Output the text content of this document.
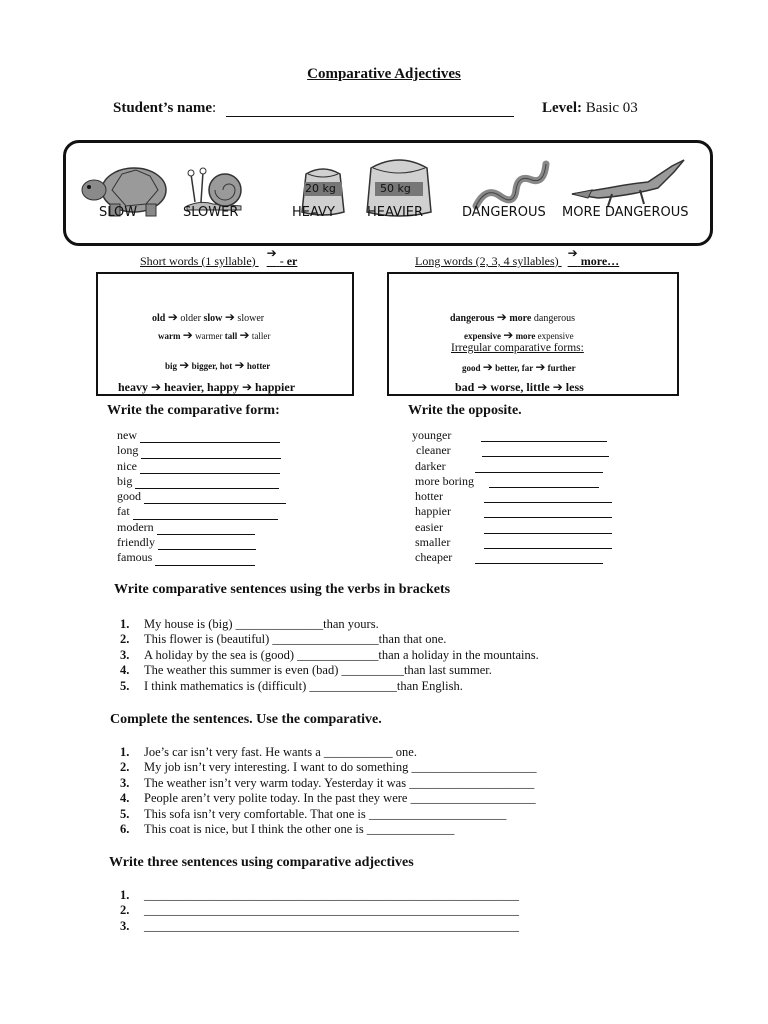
Comparative Adjectives
Student’s name:	Level: Basic 03
20 kg	50 kg
SLOW	SLOWER	HEAVY HEAVIER	DANGEROUS MORE DANGEROUS
Short words (1 syllable) ➔ - er	Long words (2, 3, 4 syllables) ➔ more…
old ➔ older slow ➔ slower
warm ➔ warmer tall ➔ taller
big ➔ bigger, hot ➔ hotter
heavy ➔ heavier, happy ➔ happier
dangerous ➔ more dangerous
expensive ➔ more expensive
Irregular comparative forms:
good ➔ better, far ➔ further
bad ➔ worse, little ➔ less
Write the comparative form:	Write the opposite.
new
long
nice
big
good
fat
modern
friendly
famous
younger
cleaner
darker
more boring
hotter
happier
easier
smaller
cheaper
Write comparative sentences using the verbs in brackets
1. My house is (big) ______________than yours.
2. This flower is (beautiful) _________________than that one.
3. A holiday by the sea is (good) _____________than a holiday in the mountains.
4. The weather this summer is even (bad) __________than last summer.
5. I think mathematics is (difficult) ______________than English.
Complete the sentences. Use the comparative.
1. Joe’s car isn’t very fast. He wants a ___________ one.
2. My job isn’t very interesting. I want to do something ____________________
3. The weather isn’t very warm today. Yesterday it was ____________________
4. People aren’t very polite today. In the past they were ____________________
5. This sofa isn’t very comfortable. That one is ______________________
6. This coat is nice, but I think the other one is ______________
Write three sentences using comparative adjectives
1. ____________________________________________________________
2. ____________________________________________________________
3. ____________________________________________________________
